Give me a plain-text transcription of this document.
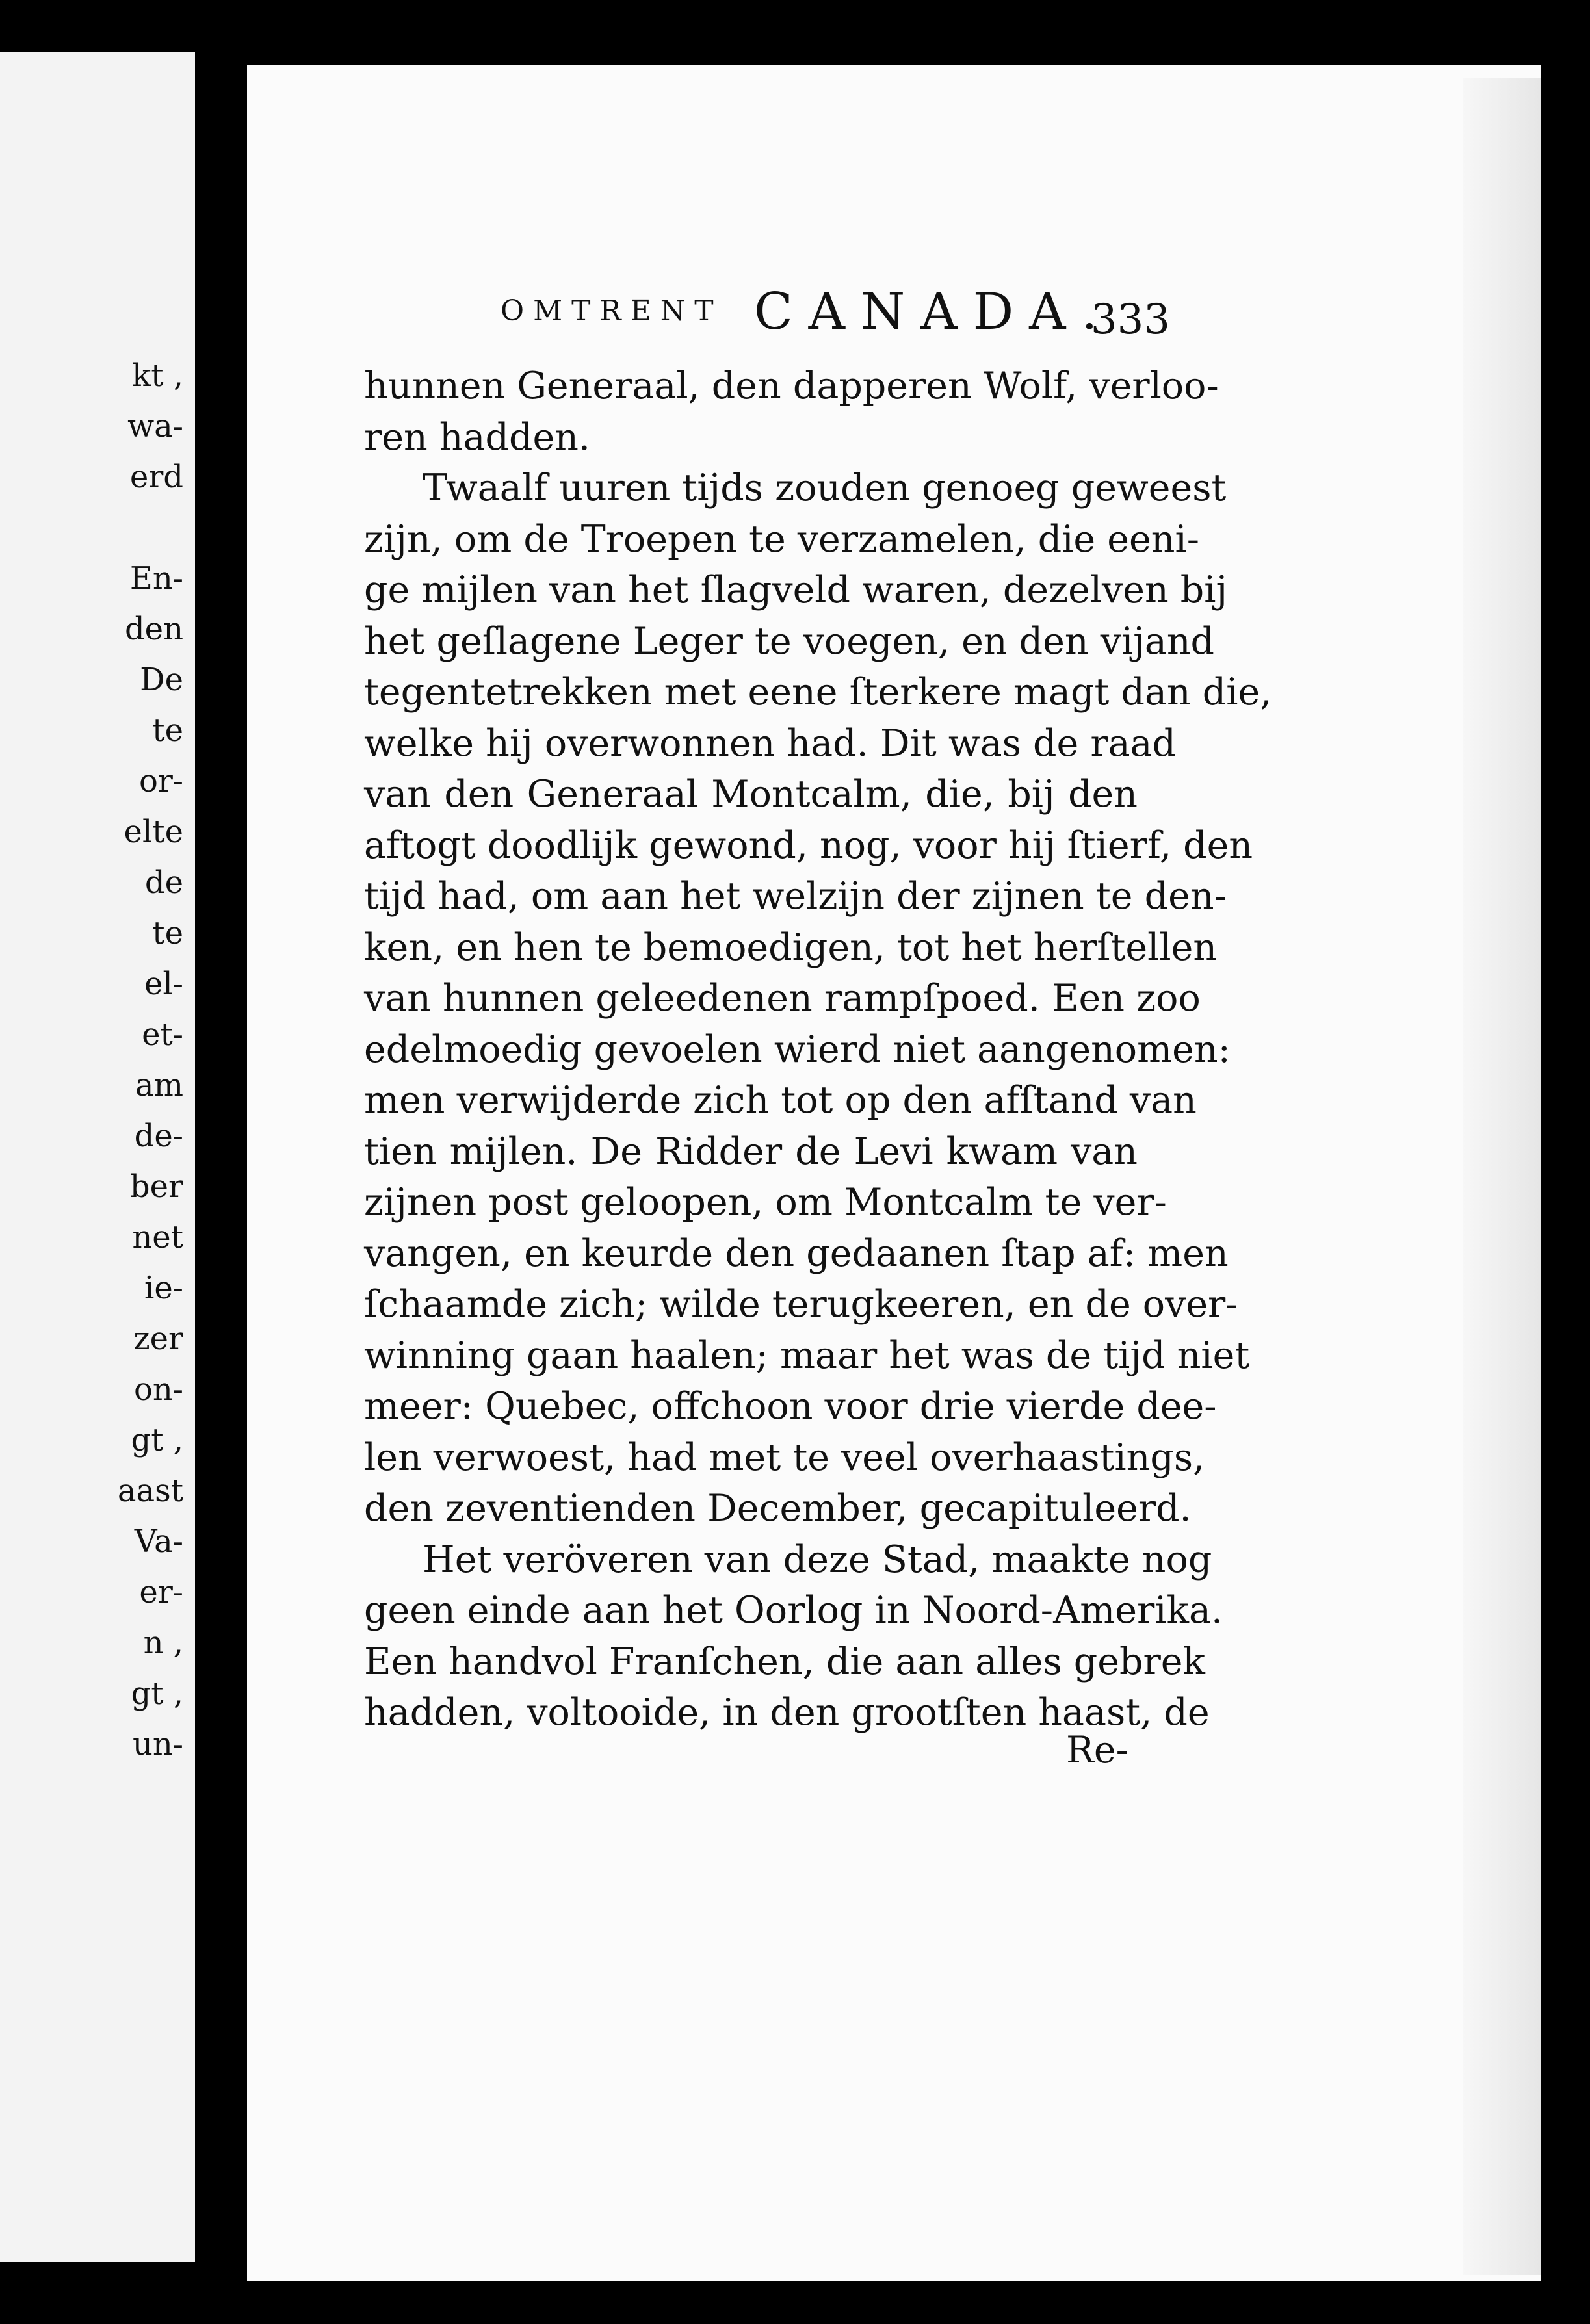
kt ,
wa-
erd
En-
den
De
te
or-
elte
de
te
el-
et-
am
de-
ber
net
ie-
zer
on-
gt ,
aast
Va-
er-
n ,
gt ,
un-
OMTRENT CANADA.
333
hunnen Generaal, den dapperen Wolf, verloo-
ren hadden.
Twaalf uuren tijds zouden genoeg geweest
zijn, om de Troepen te verzamelen, die eeni-
ge mijlen van het ſlagveld waren, dezelven bij
het geſlagene Leger te voegen, en den vijand
tegentetrekken met eene ſterkere magt dan die,
welke hij overwonnen had. Dit was de raad
van den Generaal Montcalm, die, bij den
aftogt doodlijk gewond, nog, voor hij ſtierf, den
tijd had, om aan het welzijn der zijnen te den-
ken, en hen te bemoedigen, tot het herſtellen
van hunnen geleedenen rampſpoed. Een zoo
edelmoedig gevoelen wierd niet aangenomen:
men verwijderde zich tot op den afſtand van
tien mijlen. De Ridder de Levi kwam van
zijnen post geloopen, om Montcalm te ver-
vangen, en keurde den gedaanen ſtap af: men
ſchaamde zich; wilde terugkeeren, en de over-
winning gaan haalen; maar het was de tijd niet
meer: Quebec, offchoon voor drie vierde dee-
len verwoest, had met te veel overhaastings,
den zeventienden December, gecapituleerd.
Het veröveren van deze Stad, maakte nog
geen einde aan het Oorlog in Noord-Amerika.
Een handvol Franſchen, die aan alles gebrek
hadden, voltooide, in den grootſten haast, de
Re-
